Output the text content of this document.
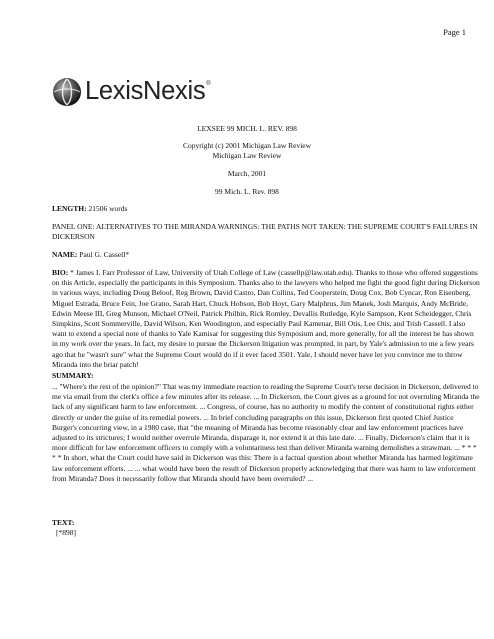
Page 1
LexisNexis®
LEXSEE 99 MICH. L. REV. 898
Copyright (c) 2001 Michigan Law Review
Michigan Law Review
March, 2001
99 Mich. L. Rev. 898
LENGTH: 21506 words
PANEL ONE: ALTERNATIVES TO THE MIRANDA WARNINGS: THE PATHS NOT TAKEN: THE SUPREME COURT'S FAILURES IN DICKERSON
NAME: Paul G. Cassell*
BIO: * James I. Farr Professor of Law, University of Utah College of Law (cassellp@law.utah.edu). Thanks to those who offered suggestions on this Article, especially the participants in this Symposium. Thanks also to the lawyers who helped me fight the good fight during Dickerson in various ways, including Doug Beloof, Reg Brown, David Castro, Dan Collins, Ted Cooperstein, Doug Cox, Bob Cyncar, Ron Eisenberg, Miguel Estrada, Bruce Fein, Joe Grano, Sarah Hart, Chuck Hobson, Bob Hoyt, Gary Malphrus, Jim Manek, Josh Marquis, Andy McBride, Edwin Meese III, Greg Munson, Michael O'Neil, Patrick Philbin, Rick Romley, Devallis Rutledge, Kyle Sampson, Kent Scheidegger, Chris Simpkins, Scott Sommerville, David Wilson, Ken Woodington, and especially Paul Kamenar, Bill Otis, Lee Otis, and Trish Cassell. I also want to extend a special note of thanks to Yale Kamisar for suggesting this Symposium and, more generally, for all the interest he has shown in my work over the years. In fact, my desire to pursue the Dickerson litigation was prompted, in part, by Yale's admission to me a few years ago that he "wasn't sure" what the Supreme Court would do if it ever faced 3501. Yale, I should never have let you convince me to throw Miranda into the briar patch!
SUMMARY:
... "Where's the rest of the opinion?" That was my immediate reaction to reading the Supreme Court's terse decision in Dickerson, delivered to me via email from the clerk's office a few minutes after its release. ... In Dickerson, the Court gives as a ground for not overruling Miranda the lack of any significant harm to law enforcement. ... Congress, of course, has no authority to modify the content of constitutional rights either directly or under the guise of its remedial powers. ... In brief concluding paragraphs on this issue, Dickerson first quoted Chief Justice Burger's concurring view, in a 1980 case, that "the meaning of Miranda has become reasonably clear and law enforcement practices have adjusted to its strictures; I would neither overrule Miranda, disparage it, nor extend it at this late date. ... Finally, Dickerson's claim that it is more difficult for law enforcement officers to comply with a voluntariness test than deliver Miranda warning demolishes a strawman. ... * * * * * In short, what the Court could have said in Dickerson was this: There is a factual question about whether Miranda has harmed legitimate law enforcement efforts. ... ... what would have been the result of Dickerson properly acknowledging that there was harm to law enforcement from Miranda? Does it necessarily follow that Miranda should have been overruled? ...
TEXT:
[*898]
